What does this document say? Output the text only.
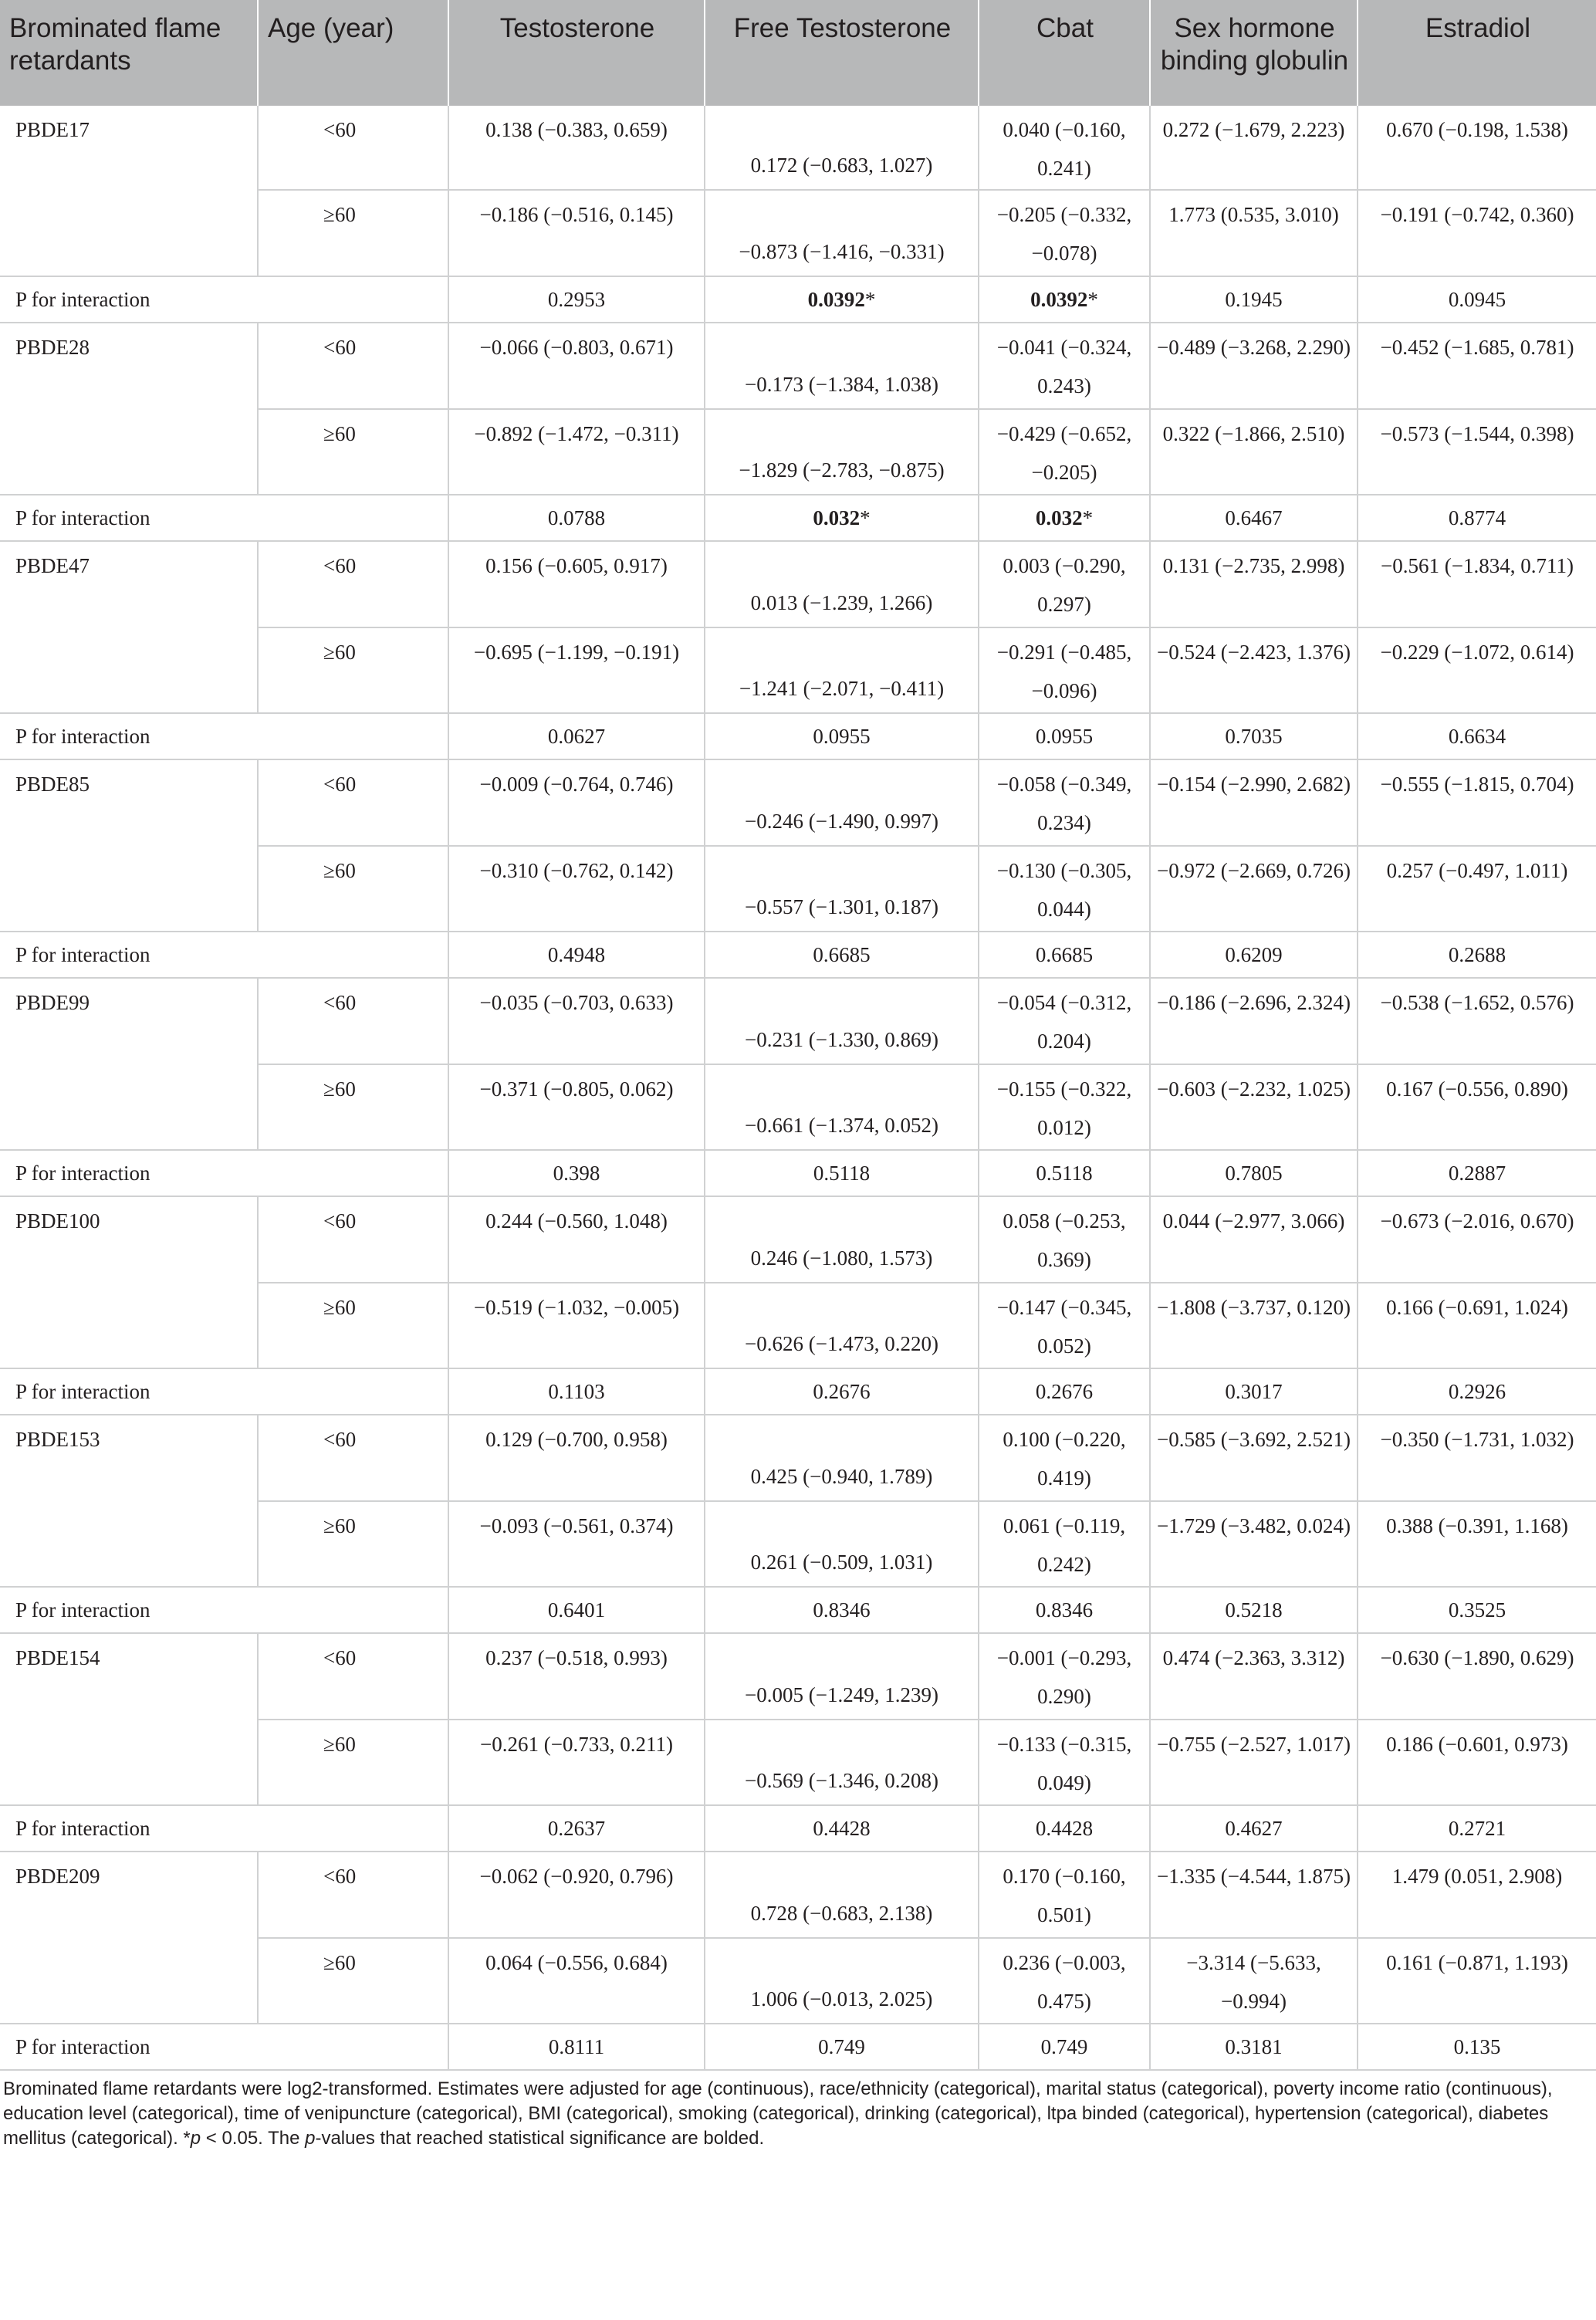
Brominated flame retardants	Age (year)	Testosterone	Free Testosterone	Cbat	Sex hormone binding globulin	Estradiol
PBDE17	<60	0.138 (−0.383, 0.659)	0.172 (−0.683, 1.027)	0.040 (−0.160, 0.241)	0.272 (−1.679, 2.223)	0.670 (−0.198, 1.538)

	≥60	−0.186 (−0.516, 0.145)	−0.873 (−1.416, −0.331)	−0.205 (−0.332, −0.078)	1.773 (0.535, 3.010)	−0.191 (−0.742, 0.360)

P for interaction		0.2953	0.0392*	0.0392*	0.1945	0.0945
PBDE28	<60	−0.066 (−0.803, 0.671)	−0.173 (−1.384, 1.038)	−0.041 (−0.324, 0.243)	−0.489 (−3.268, 2.290)	−0.452 (−1.685, 0.781)

	≥60	−0.892 (−1.472, −0.311)	−1.829 (−2.783, −0.875)	−0.429 (−0.652, −0.205)	0.322 (−1.866, 2.510)	−0.573 (−1.544, 0.398)

P for interaction		0.0788	0.032*	0.032*	0.6467	0.8774
PBDE47	<60	0.156 (−0.605, 0.917)	0.013 (−1.239, 1.266)	0.003 (−0.290, 0.297)	0.131 (−2.735, 2.998)	−0.561 (−1.834, 0.711)

	≥60	−0.695 (−1.199, −0.191)	−1.241 (−2.071, −0.411)	−0.291 (−0.485, −0.096)	−0.524 (−2.423, 1.376)	−0.229 (−1.072, 0.614)

P for interaction		0.0627	0.0955	0.0955	0.7035	0.6634
PBDE85	<60	−0.009 (−0.764, 0.746)	−0.246 (−1.490, 0.997)	−0.058 (−0.349, 0.234)	−0.154 (−2.990, 2.682)	−0.555 (−1.815, 0.704)

	≥60	−0.310 (−0.762, 0.142)	−0.557 (−1.301, 0.187)	−0.130 (−0.305, 0.044)	−0.972 (−2.669, 0.726)	0.257 (−0.497, 1.011)

P for interaction		0.4948	0.6685	0.6685	0.6209	0.2688
PBDE99	<60	−0.035 (−0.703, 0.633)	−0.231 (−1.330, 0.869)	−0.054 (−0.312, 0.204)	−0.186 (−2.696, 2.324)	−0.538 (−1.652, 0.576)

	≥60	−0.371 (−0.805, 0.062)	−0.661 (−1.374, 0.052)	−0.155 (−0.322, 0.012)	−0.603 (−2.232, 1.025)	0.167 (−0.556, 0.890)

P for interaction		0.398	0.5118	0.5118	0.7805	0.2887
PBDE100	<60	0.244 (−0.560, 1.048)	0.246 (−1.080, 1.573)	0.058 (−0.253, 0.369)	0.044 (−2.977, 3.066)	−0.673 (−2.016, 0.670)

	≥60	−0.519 (−1.032, −0.005)	−0.626 (−1.473, 0.220)	−0.147 (−0.345, 0.052)	−1.808 (−3.737, 0.120)	0.166 (−0.691, 1.024)

P for interaction		0.1103	0.2676	0.2676	0.3017	0.2926
PBDE153	<60	0.129 (−0.700, 0.958)	0.425 (−0.940, 1.789)	0.100 (−0.220, 0.419)	−0.585 (−3.692, 2.521)	−0.350 (−1.731, 1.032)

	≥60	−0.093 (−0.561, 0.374)	0.261 (−0.509, 1.031)	0.061 (−0.119, 0.242)	−1.729 (−3.482, 0.024)	0.388 (−0.391, 1.168)

P for interaction		0.6401	0.8346	0.8346	0.5218	0.3525
PBDE154	<60	0.237 (−0.518, 0.993)	−0.005 (−1.249, 1.239)	−0.001 (−0.293, 0.290)	0.474 (−2.363, 3.312)	−0.630 (−1.890, 0.629)

	≥60	−0.261 (−0.733, 0.211)	−0.569 (−1.346, 0.208)	−0.133 (−0.315, 0.049)	−0.755 (−2.527, 1.017)	0.186 (−0.601, 0.973)

P for interaction		0.2637	0.4428	0.4428	0.4627	0.2721
PBDE209	<60	−0.062 (−0.920, 0.796)	0.728 (−0.683, 2.138)	0.170 (−0.160, 0.501)	−1.335 (−4.544, 1.875)	1.479 (0.051, 2.908)

	≥60	0.064 (−0.556, 0.684)	1.006 (−0.013, 2.025)	0.236 (−0.003, 0.475)	−3.314 (−5.633, −0.994)	0.161 (−0.871, 1.193)

P for interaction		0.8111	0.749	0.749	0.3181	0.135
Brominated flame retardants were log2-transformed. Estimates were adjusted for age (continuous), race/ethnicity (categorical), marital status (categorical), poverty income ratio (continuous), education level (categorical), time of venipuncture (categorical), BMI (categorical), smoking (categorical), drinking (categorical), ltpa binded (categorical), hypertension (categorical), diabetes mellitus (categorical). *p < 0.05. The p-values that reached statistical significance are bolded.
